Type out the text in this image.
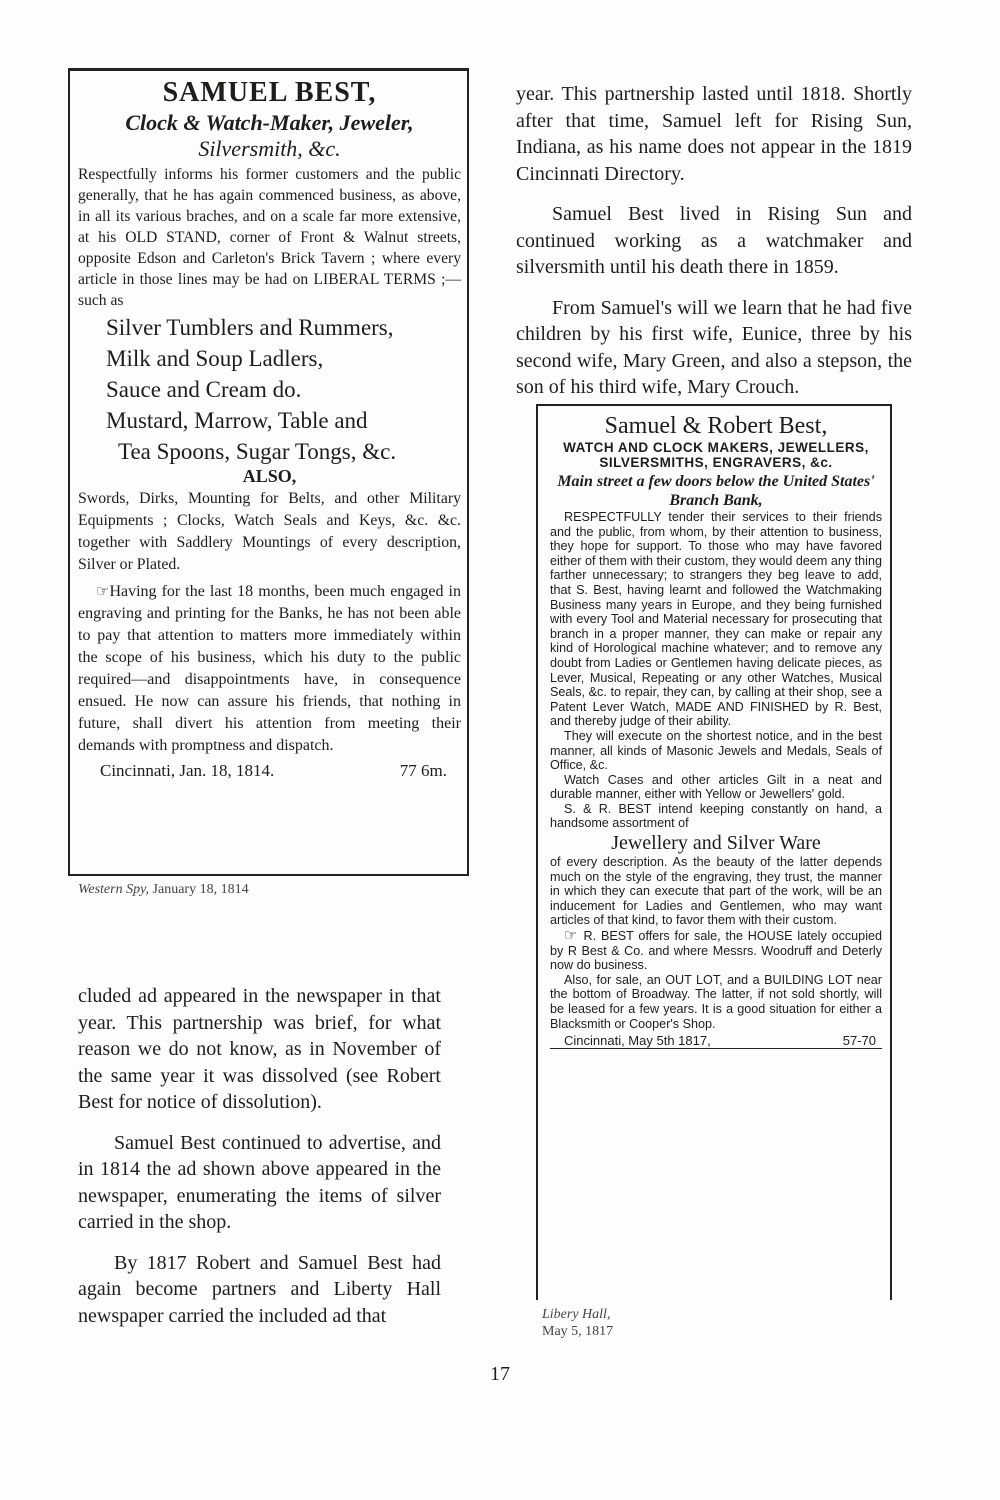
SAMUEL BEST,
Clock & Watch-Maker, Jeweler,
Silversmith, &c.
Respectfully informs his former customers and the public generally, that he has again commenced business, as above, in all its various braches, and on a scale far more extensive, at his OLD STAND, corner of Front & Walnut streets, opposite Edson and Carleton's Brick Tavern ; where every article in those lines may be had on LIBERAL TERMS ;—such as
Silver Tumblers and Rummers,
Milk and Soup Ladlers,
Sauce and Cream do.
Mustard, Marrow, Table and
Tea Spoons, Sugar Tongs, &c.
ALSO,
Swords, Dirks, Mounting for Belts, and other Military Equipments ; Clocks, Watch Seals and Keys, &c. &c. together with Saddlery Mountings of every description, Silver or Plated.
☞Having for the last 18 months, been much engaged in engraving and printing for the Banks, he has not been able to pay that attention to matters more immediately within the scope of his business, which his duty to the public required—and disappointments have, in consequence ensued. He now can assure his friends, that nothing in future, shall divert his attention from meeting their demands with promptness and dispatch.
Cincinnati, Jan. 18, 1814.	77 6m.
Western Spy, January 18, 1814

year. This partnership lasted until 1818. Shortly after that time, Samuel left for Rising Sun, Indiana, as his name does not appear in the 1819 Cincinnati Directory.

Samuel Best lived in Rising Sun and continued working as a watchmaker and silversmith until his death there in 1859.

From Samuel's will we learn that he had five children by his first wife, Eunice, three by his second wife, Mary Green, and also a stepson, the son of his third wife, Mary Crouch.

Samuel & Robert Best,
WATCH AND CLOCK MAKERS, JEWELLERS, SILVERSMITHS, ENGRAVERS, &c.
Main street a few doors below the United States' Branch Bank,
RESPECTFULLY tender their services to their friends and the public, from whom, by their attention to business, they hope for support. To those who may have favored either of them with their custom, they would deem any thing farther unnecessary; to strangers they beg leave to add, that S. Best, having learnt and followed the Watchmaking Business many years in Europe, and they being furnished with every Tool and Material necessary for prosecuting that branch in a proper manner, they can make or repair any kind of Horological machine whatever; and to remove any doubt from Ladies or Gentlemen having delicate pieces, as Lever, Musical, Repeating or any other Watches, Musical Seals, &c. to repair, they can, by calling at their shop, see a Patent Lever Watch, MADE AND FINISHED by R. Best, and thereby judge of their ability.
They will execute on the shortest notice, and in the best manner, all kinds of Masonic Jewels and Medals, Seals of Office, &c.
Watch Cases and other articles Gilt in a neat and durable manner, either with Yellow or Jewellers' gold.
S. & R. BEST intend keeping constantly on hand, a handsome assortment of
Jewellery and Silver Ware
of every description. As the beauty of the latter depends much on the style of the engraving, they trust, the manner in which they can execute that part of the work, will be an inducement for Ladies and Gentlemen, who may want articles of that kind, to favor them with their custom.
☞ R. BEST offers for sale, the HOUSE lately occupied by R Best & Co. and where Messrs. Woodruff and Deterly now do business.
Also, for sale, an OUT LOT, and a BUILDING LOT near the bottom of Broadway. The latter, if not sold shortly, will be leased for a few years. It is a good situation for either a Blacksmith or Cooper's Shop.
Cincinnati, May 5th 1817,	57-70
Libery Hall,
May 5, 1817

cluded ad appeared in the newspaper in that year. This partnership was brief, for what reason we do not know, as in November of the same year it was dissolved (see Robert Best for notice of dissolution).

Samuel Best continued to advertise, and in 1814 the ad shown above appeared in the newspaper, enumerating the items of silver carried in the shop.

By 1817 Robert and Samuel Best had again become partners and Liberty Hall newspaper carried the included ad that

17
